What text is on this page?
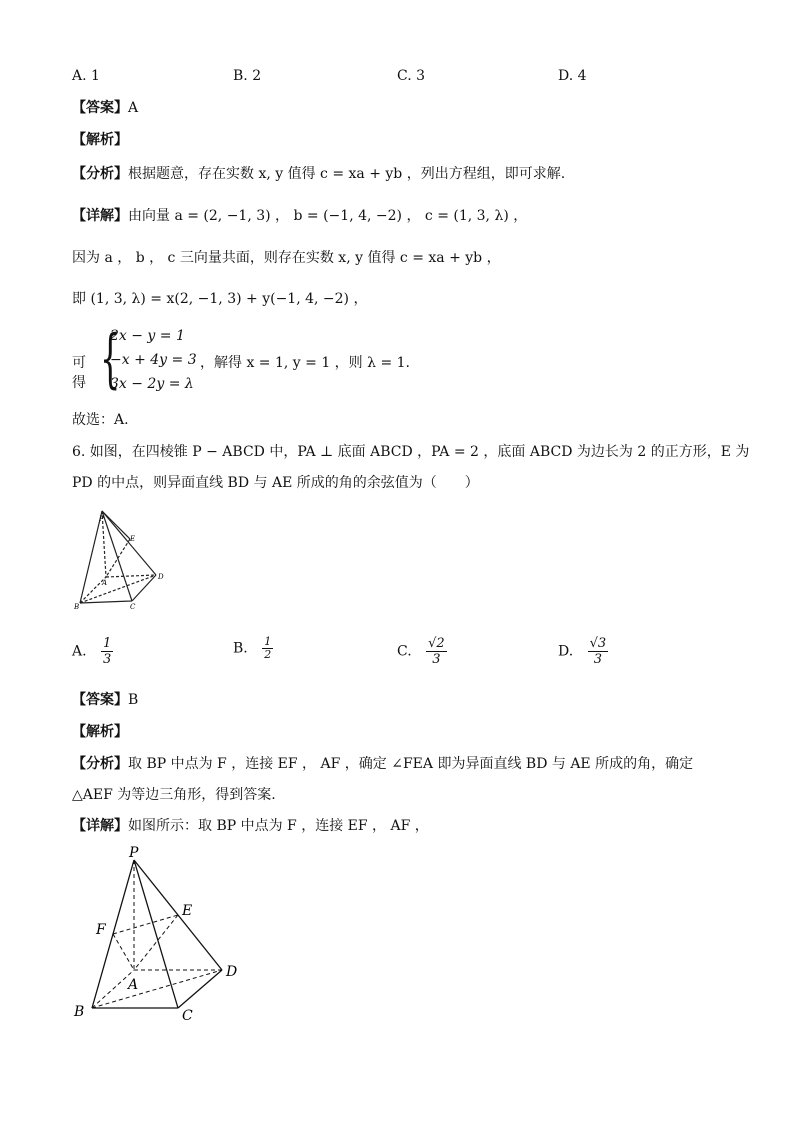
A. 1	B. 2	C. 3	D. 4
【答案】A
【解析】
【分析】根据题意，存在实数 x, y 值得 c = xa + yb ，列出方程组，即可求解.
【详解】由向量 a = (2, −1, 3) ， b = (−1, 4, −2) ， c = (1, 3, λ) ，
因为 a ， b ， c 三向量共面，则存在实数 x, y 值得 c = xa + yb ，
即 (1, 3, λ) = x(2, −1, 3) + y(−1, 4, −2) ，
可得 {
2x − y = 1
−x + 4y = 3
3x − 2y = λ
，解得 x = 1, y = 1 ，则 λ = 1.
故选：A.
6. 如图，在四棱锥 P − ABCD 中，PA ⊥ 底面 ABCD ，PA = 2 ，底面 ABCD 为边长为 2 的正方形，E 为
PD 的中点，则异面直线 BD 与 AE 所成的角的余弦值为（　　）
P
E
A
B	C
D
A. $\frac{1}{3}$	B. $\frac{1}{2}$	C. $\frac{√2}{3}$	D. $\frac{√3}{3}$
【答案】B
【解析】
【分析】取 BP 中点为 F ，连接 EF ， AF ，确定 ∠FEA 即为异面直线 BD 与 AE 所成的角，确定
△AEF 为等边三角形，得到答案.
【详解】如图所示：取 BP 中点为 F ，连接 EF ， AF ，
P
E
F
A
B	C
D
